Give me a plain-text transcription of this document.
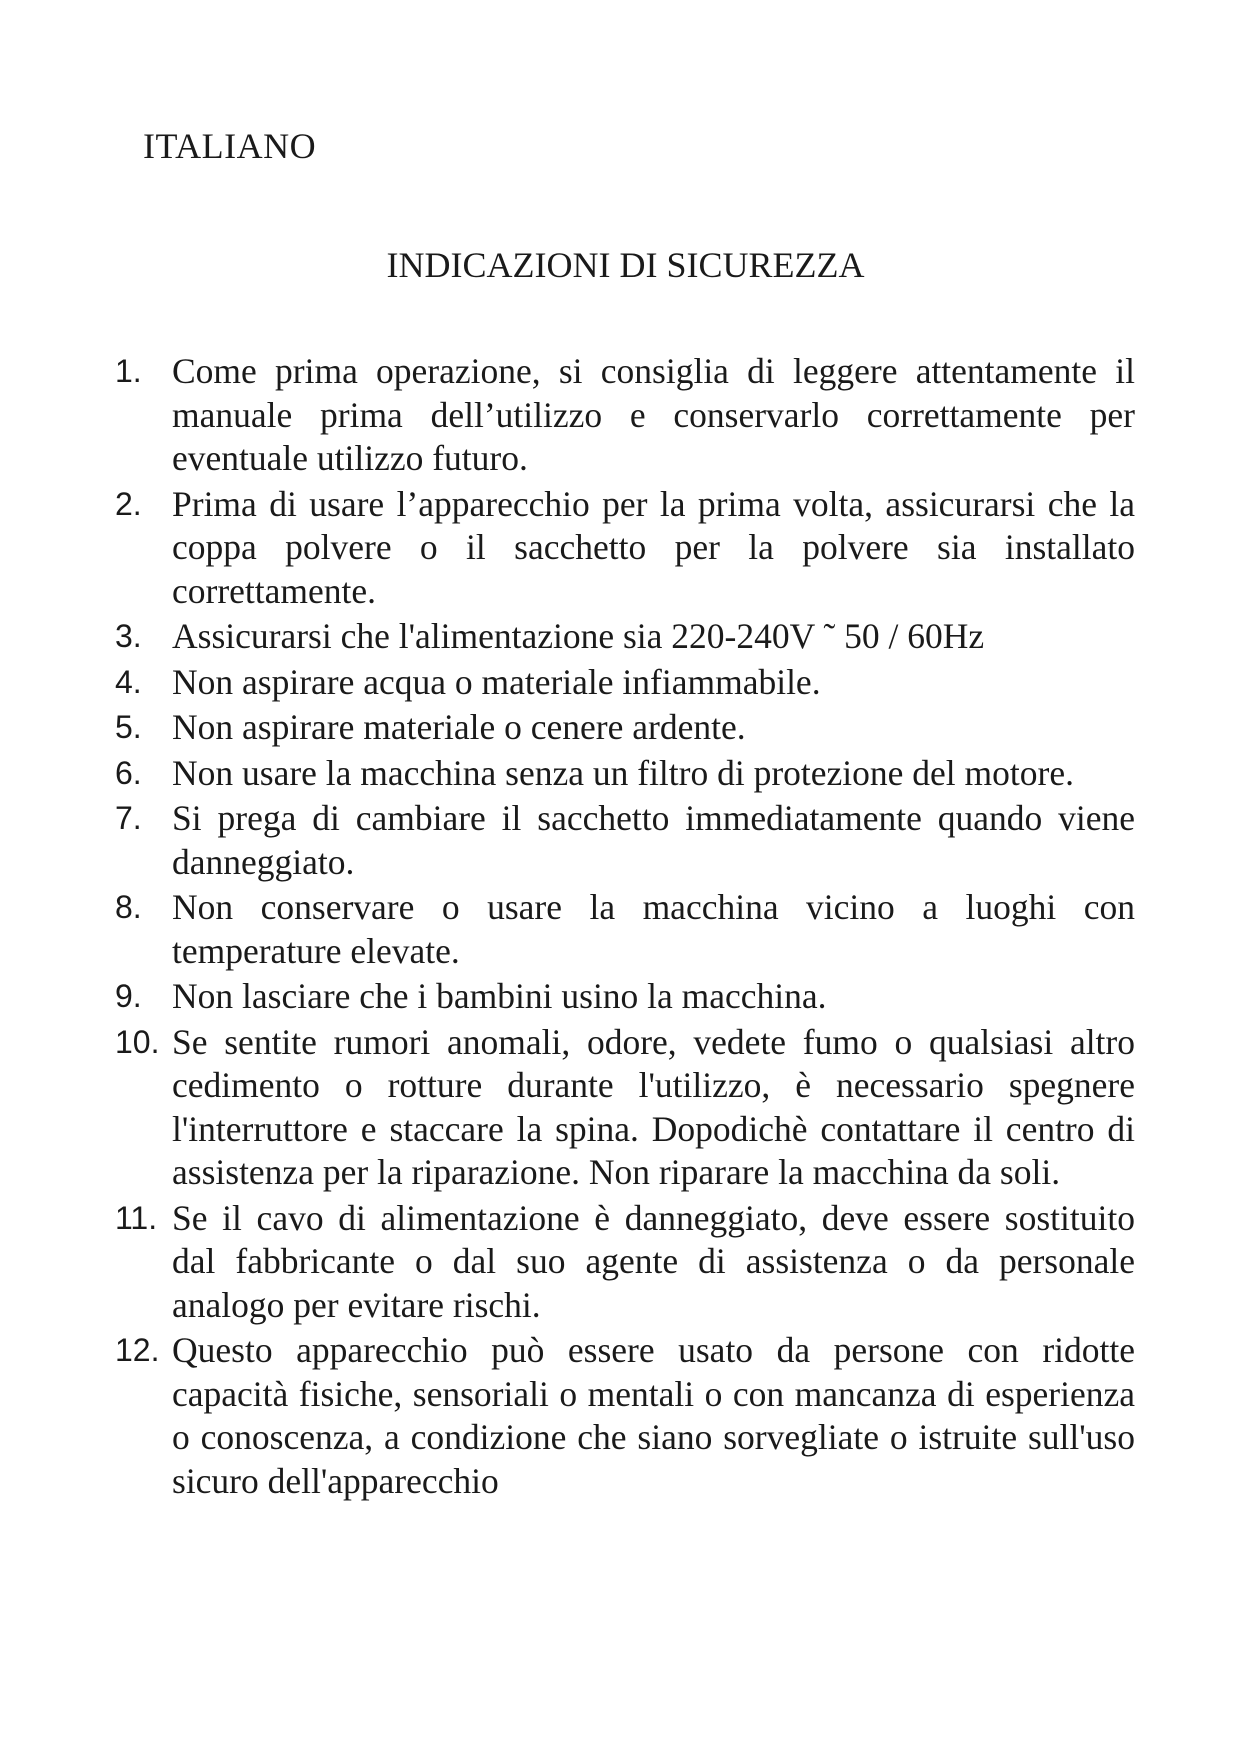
ITALIANO
INDICAZIONI DI SICUREZZA
1. Come prima operazione, si consiglia di leggere attentamente il manuale prima dell’utilizzo e conservarlo correttamente per eventuale utilizzo futuro.
2. Prima di usare l’apparecchio per la prima volta, assicurarsi che la coppa polvere o il sacchetto per la polvere sia installato correttamente.
3. Assicurarsi che l'alimentazione sia 220-240V ˜ 50 / 60Hz
4. Non aspirare acqua o materiale infiammabile.
5. Non aspirare materiale o cenere ardente.
6. Non usare la macchina senza un filtro di protezione del motore.
7. Si prega di cambiare il sacchetto immediatamente quando viene danneggiato.
8. Non conservare o usare la macchina vicino a luoghi con temperature elevate.
9. Non lasciare che i bambini usino la macchina.
10. Se sentite rumori anomali, odore, vedete fumo o qualsiasi altro cedimento o rotture durante l'utilizzo, è necessario spegnere l'interruttore e staccare la spina. Dopodichè contattare il centro di assistenza per la riparazione. Non riparare la macchina da soli.
11. Se il cavo di alimentazione è danneggiato, deve essere sostituito dal fabbricante o dal suo agente di assistenza o da personale analogo per evitare rischi.
12. Questo apparecchio può essere usato da persone con ridotte capacità fisiche, sensoriali o mentali o con mancanza di esperienza o conoscenza, a condizione che siano sorvegliate o istruite sull'uso sicuro dell'apparecchio
